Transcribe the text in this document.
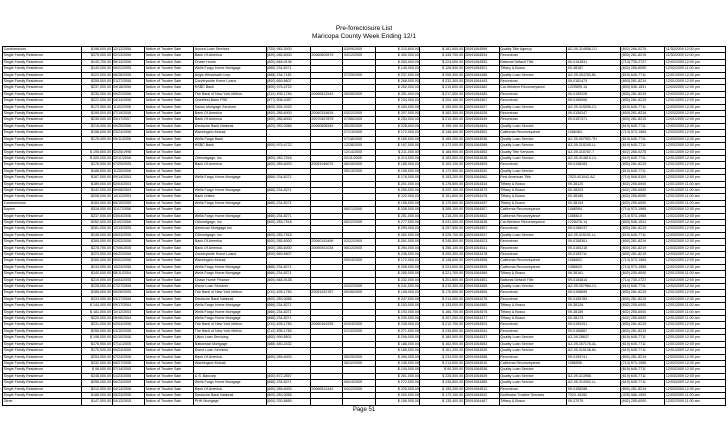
Pre-foreclosure List
Maricopa County Week Ending 12/1
Condominium	$196,000.00	12/12/2006	Notice of Trustee Sale	Aurora Loan Services	(720) 945-3000		03/09/2005	$ 210,600.00	$ 181,900.00	20091064599	Quality Title Agency	AZ-09-314958-GJ	(602) 266-0275	11/30/2009 12:00 pm
Single Family Residence	$375,000.00	02/13/2006	Notice of Trustee Sale	Bank Of America	(800) 285-6000	20060603579	04/12/2005	$ 400,000.00	$ 345,700.00	20091064534	Recontrust		(800) 281-8219	11/30/2009 12:00 pm
Single Family Residence	$240,700.00	06/14/2006	Notice of Trustee Sale	Chase Home	(800) 848-9136			$ 260,000.00	$ 224,000.00	20091064552	National Default Title	09-0154831	(714) 730-2727	12/02/2009 12:00 pm
Single Family Residence	$140,000.00	09/22/2005	Notice of Trustee Sale	Wells Fargo Home Mortgage	(866) 234-8271			$ 145,000.00	$ 128,500.00	20091064521	Tiffany & Bosco	09-38187	(602) 255-6000	12/02/2009 11:00 am
Single Family Residence	$223,000.00	06/26/2006	Notice of Trustee Sale	Aegis Wholesale Corp	(888) 234-7181		07/25/2005	$ 237,000.00	$ 206,300.00	20091064456	Quality Loan Service	AZ-09-304783-BL	(619) 645-7711	12/01/2009 12:00 pm
Single Family Residence	$255,000.00	01/27/2006	Notice of Trustee Sale	Countrywide Home Loans	(800) 669-6607			$ 268,000.00	$ 232,300.00	20091064443	Recontrust	09-0162473	(800) 281-8219	12/01/2009 12:00 pm
Single Family Residence	$237,000.00	09/18/2006	Notice of Trustee Sale	HSBC Bank	(800) 975-4722			$ 252,000.00	$ 219,600.00	20091064462	Cal-Western Reconveyance	1229899-14	(800) 546-1531	12/03/2009 12:00 pm
Single Family Residence	$235,000.00	05/22/2006	Notice of Trustee Sale	The Bank of New York Mellon	(212) 495-1784	20060612943	06/28/2005	$ 251,000.00	$ 217,000.00	20091064483	Recontrust	09-0159228	(800) 281-8219	12/03/2009 12:00 pm
Single Family Residence	$222,000.00	04/14/2006	Notice of Trustee Sale	OneWest Bank FSB	(877) 908-4357			$ 234,000.00	$ 204,100.00	20091064467	Recontrust	09-0156906	(800) 281-8219	12/01/2009 12:00 pm
Single Family Residence	$173,900.00	11/02/2006	Notice of Trustee Sale	Saxon Mortgage Services	(800) 594-2020			$ 183,000.00	$ 159,500.00	20091064527	Quality Loan Service	AZ-09-315005-CL	(619) 645-7711	12/03/2009 12:00 pm
Single Family Residence	$199,000.00	07/19/2006	Notice of Trustee Sale	Bank Of America	(800) 285-6000	20060319818	03/22/2005	$ 207,000.00	$ 182,300.00	20091064526	Recontrust	09-0159247	(800) 281-8219	12/03/2009 12:00 pm
Single Family Residence	$235,000.00	03/17/2007	Notice of Trustee Sale	Bank Of America	(800) 285-6000	20070497875	07/06/2005	$ 253,000.00	$ 219,300.00	20091064549	Recontrust	09-0157371	(800) 281-8219	12/01/2009 12:00 pm
Single Family Residence	$215,900.00	05/25/2006	Notice of Trustee Sale	Deutsche Bank National	(800) 283-0066	20060608349	05/29/2005	$ 228,000.00	$ 199,100.00	20091064504	Quality Loan Service		(619) 645-7711	12/02/2009 12:00 pm
Single Family Residence	$158,000.00	03/24/2006	Notice of Trustee Sale	Washington Mutual			07/13/2005	$ 172,000.00	$ 148,400.00	20091064502	California Reconveyance	1086384	(714) 573-1965	12/03/2009 12:00 pm
Single Family Residence	$176,000.00	05/11/2006	Notice of Trustee Sale	Wells Fargo Bank			07/18/2005	$ 189,000.00	$ 165,200.00	20091064536	Quality Loan Service	AZ-09-307901-TH	(619) 645-7711	12/03/2009 12:00 pm
Single Family Residence			Notice of Trustee Sale	HSBC Bank	(800) 975-4722		12/28/2005	$ 197,000.00	$ 172,000.00	20091064589	Quality Loan Service	AZ-09-315240-LL	(619) 645-7711	12/03/2009 12:00 pm
Single Family Residence	$ 195,600.00	02/25/1998	Notice of Trustee Sale				12/14/2005	$ 211,000.00	$ 185,900.00	20091064553	Quality Title Services	AZ-09-315787-7	(602) 266-0275	12/01/2009 12:00 pm
Single Family Residence	$ 200,200.00	02/11/2006	Notice of Trustee Sale	Citimortgage, Inc	(800) 283-7918		02/11/2005	$ 213,000.00	$ 183,900.00	20091064538	Quality Loan Service	AZ-09-314813-CL	(619) 645-7711	12/01/2009 12:00 pm
Single Family Residence	$176,000.00	07/29/2005	Notice of Trustee Sale	Bank Of America	(800) 285-6000	20051046079	08/15/2005	$ 185,000.00	$ 163,100.00	20091064509	Recontrust	09-0158283	(800) 281-8219	12/01/2009 12:00 pm
Single Family Residence	$188,600.00	11/30/2006	Notice of Trustee Sale				05/13/2005	$ 195,000.00	$ 172,900.00	20091064532	Quality Loan Service		(619) 645-7711	12/01/2009 12:00 pm
Single Family Residence	$167,000.00	09/14/2004	Notice of Trustee Sale	Wells Fargo Home Mortgage	(866) 234-8271			$ 178,000.00	$ 153,200.00	20091064562	First American Title	7023-401042-AZ	(714) 508-5100	12/02/2009 12:00 pm
Single Family Residence	$189,000.00	02/04/2004	Notice of Trustee Sale					$ 201,000.00	$ 176,500.00	20091064534	Tiffany & Bosco	09-38125	(602) 255-6000	12/01/2009 11:00 am
Single Family Residence	$242,000.00	06/08/2003	Notice of Trustee Sale	Wells Fargo Home Mortgage	(866) 234-8271			$ 250,000.00	$ 222,100.00	20091064573	Tiffany & Bosco	09-38203	(602) 255-6000	12/01/2009 11:00 am
Single Family Residence	$208,000.00	10/12/2004	Notice of Trustee Sale	Bank United				$ 220,000.00	$ 191,800.00	20091064476	Tiffany & Bosco	09-38169	(602) 255-6000	12/01/2009 11:00 am
Condominium	$184,000.00	06/19/2005	Notice of Trustee Sale	Wells Fargo Home Mortgage	(866) 234-8271			$ 196,000.00	$ 170,600.00	20091064497	Tiffany & Bosco	09-38154	(602) 255-6000	12/01/2009 11:00 am
Duplex	$316,000.00	11/17/2006	Notice of Trustee Sale				06/21/2005	$ 336,000.00	$ 289,100.00	20091064507	California Reconveyance	1086594	(714) 573-1965	12/02/2009 12:00 pm
Single Family Residence	$237,000.00	03/04/2006	Notice of Trustee Sale	Wells Fargo Home Mortgage	(866) 234-8271			$ 251,000.00	$ 218,200.00	20091064502	California Reconveyance	1086610	(714) 573-1965	12/02/2009 12:00 pm
Single Family Residence	$262,000.00	11/02/2006	Notice of Trustee Sale	Citimortgage, Inc	(800) 283-7918		06/22/2005	$ 277,000.00	$ 241,300.00	20091064536	Cal-Western Reconveyance	1228476-14	(800) 546-1531	12/03/2009 12:00 pm
Single Family Residence	$281,000.00	12/13/2005	Notice of Trustee Sale	American Mortgage Inc				$ 299,000.00	$ 257,900.00	20091064507	Recontrust	09-0158237	(800) 281-8219	12/03/2009 12:00 pm
Single Family Residence	$248,000.00	05/03/2006	Notice of Trustee Sale	Citimortgage, Inc	(800) 283-7918			$ 262,000.00	$ 228,700.00	20091064547	Quality Loan Service	AZ-09-315191-LL	(619) 645-7711	12/03/2009 12:00 pm
Single Family Residence	$269,000.00	02/02/2006	Notice of Trustee Sale	Bank Of America	(800) 285-6000	20060153496	02/22/2005	$ 281,000.00	$ 248,500.00	20091064523	Recontrust	09-0158361	(800) 281-8219	12/03/2009 12:00 pm
Single Family Residence	$278,700.00	07/06/2006	Notice of Trustee Sale	Bank Of America	(800) 285-6000	20060921034	08/22/2005	$ 294,000.00	$ 256,100.00	20091064541	Recontrust	09-0160216	(800) 281-8219	12/03/2009 12:00 pm
Single Family Residence	$223,000.00	06/22/2006	Notice of Trustee Sale	Countrywide Home Loans	(800) 669-6607			$ 236,000.00	$ 205,300.00	20091064478	Recontrust	09-0159711	(800) 281-8219	12/03/2009 12:00 pm
Single Family Residence	$160,000.00	05/02/2006	Notice of Trustee Sale	Washington Mutual			09/24/2005	$ 172,000.00	$ 148,600.00	20091064508	California Reconveyance	1086602	(714) 573-1965	12/02/2009 12:00 pm
Single Family Residence	$244,000.00	10/24/2006	Notice of Trustee Sale	Wells Fargo Home Mortgage	(866) 234-8271			$ 258,000.00	$ 224,600.00	20091064505	California Reconveyance	1086620	(714) 573-1965	12/02/2009 12:00 pm
Single Family Residence	$240,000.00	08/11/2004	Notice of Trustee Sale	Wells Fargo Home Mortgage	(866) 234-8271			$ 255,000.00	$ 221,700.00	20091064589	Tiffany & Bosco	09-38161	(602) 255-6000	12/01/2009 11:00 am
Single Family Residence	$219,000.00	04/03/2005	Notice of Trustee Sale	Chase Home Finance	(800) 848-9136			$ 232,000.00	$ 201,600.00	20091064551	National Default Title	09-0154814	(714) 730-2727	12/02/2009 12:00 pm
Single Family Residence	$228,000.00	07/27/2006	Notice of Trustee Sale	Home Loan Services			03/22/2005	$ 241,000.00	$ 210,300.00	20091064555	Quality Loan Service	AZ-09-307984-CL	(619) 645-7711	12/02/2009 12:00 pm
Single Family Residence	$185,000.00	09/26/2005	Notice of Trustee Sale	The Bank of New York Mellon	(212) 495-1784	20051432787	09/26/2005	$ 198,000.00	$ 170,600.00	20091064506	Recontrust	09-0158695	(800) 281-8219	12/01/2009 12:00 pm
Single Family Residence	$233,000.00	03/17/2006	Notice of Trustee Sale	Deutsche Bank National	(800) 283-0066			$ 247,000.00	$ 214,500.00	20091064475	Recontrust	09-0155783	(800) 281-8219	12/02/2009 12:00 pm
Single Family Residence	$ 144,400.00	09/17/2004	Notice of Trustee Sale	Wells Fargo Home Mortgage	(866) 234-8271			$ 153,000.00	$ 133,000.00	20091064582	Tiffany & Bosco	09-38126	(602) 255-6000	12/01/2009 11:00 am
Single Family Residence	$ 181,000.00	10/12/2004	Notice of Trustee Sale	Wells Fargo Home Mortgage	(866) 234-8271			$ 193,000.00	$ 166,700.00	20091064575	Tiffany & Bosco	09-38159	(602) 255-6000	12/01/2009 11:00 am
Single Family Residence	$225,000.00	08/08/2004	Notice of Trustee Sale	Wells Fargo Home Mortgage	(866) 234-8271			$ 239,000.00	$ 207,200.00	20091064477	Tiffany & Bosco	09-38174	(602) 255-6000	12/01/2009 11:00 am
Single Family Residence	$231,000.00	02/04/2006	Notice of Trustee Sale	The Bank of New York Mellon	(212) 495-1784	20060161939	02/04/2005	$ 245,000.00	$ 212,700.00	20091064503	Recontrust	09-0159251	(800) 281-8219	12/01/2009 12:00 pm
Single Family Residence	$256,000.00	01/10/2006	Notice of Trustee Sale	The Bank of New York Mellon	(212) 495-1784		01/10/2005	$ 271,000.00	$ 235,800.00	20091064544	Recontrust	09-0156887	(800) 281-8219	12/01/2009 12:00 pm
Single Family Residence	$ 196,000.00	02/10/2006	Notice of Trustee Sale	Litton Loan Servicing	(800) 999-8501			$ 208,000.00	$ 180,500.00	20091064537	Quality Loan Service	AZ-09-28637	(619) 645-7711	12/01/2009 12:00 pm
Single Family Residence	$176,900.00	07/11/2005	Notice of Trustee Sale	Nationstar Mortgage	(888) 480-2432			$ 188,000.00	$ 162,900.00	20091064563	Quality Loan Service	AZ-09-307176-AL	(619) 645-7711	12/01/2009 12:00 pm
Single Family Residence	$175,000.00	05/24/2006	Notice of Trustee Sale	Home Loan Services				$ 185,000.00	$ 161,200.00	20091064539	Quality Loan Service	AZ-09-315138-BL	(619) 645-7711	12/01/2009 12:00 pm
Single Family Residence	$253,000.00	07/24/2006	Notice of Trustee Sale	Bank Of America	(800) 285-6000		06/29/2005	$ 269,000.00	$ 233,000.00	20091064558	Recontrust	09-0159741	(800) 281-8219	12/03/2009 12:00 pm
Single Family Residence	$232,000.00	06/07/2006	Notice of Trustee Sale	Washington Mutual			06/22/2005	$ 246,000.00	$ 213,600.00	20091064510	California Reconveyance	1086596	(714) 573-1965	12/02/2009 12:00 pm
Single Family Residence	$ 98,000.00	07/14/2005	Notice of Trustee Sale					$ 104,000.00	$ 90,300.00	20091064538	Quality Loan Service		(619) 645-7711	12/03/2009 12:00 pm
Single Family Residence	$246,000.00	01/23/2006	Notice of Trustee Sale	U.S. Bancorp	(800) 872-2657			$ 261,000.00	$ 226,500.00	20091064549	Quality Loan Service	AZ-09-313968	(619) 645-7711	12/03/2009 12:00 pm
Single Family Residence	$256,000.00	06/24/2005	Notice of Trustee Sale	Wells Fargo Home Mortgage	(866) 234-8271		06/24/2005	$ 272,000.00	$ 235,800.00	20091064565	Quality Loan Service	AZ-09-314952-LL	(619) 645-7711	12/03/2009 12:00 pm
Single Family Residence	$212,000.00	04/14/2006	Notice of Trustee Sale	Bank Of America	(800) 285-6000	20060512442	04/22/2005	$ 225,000.00	$ 195,200.00	20091064512	Recontrust	09-0158288	(800) 281-8219	12/03/2009 12:00 pm
Single Family Residence	$188,000.00	05/23/2006	Notice of Trustee Sale	Deutsche Bank National	(800) 283-0066			$ 200,000.00	$ 173,100.00	20091064542	Northwest Trustee Services	7023-16282	(425) 586-1900	12/03/2009 11:00 am
Other	$147,000.00	04/13/2005	Notice of Trustee Sale	PHH Mortgage	(800) 330-8689			$ 156,000.00	$ 135,400.00	20091064487	Tiffany & Bosco	09-37079	(602) 255-6000	12/02/2009 11:00 am
Page 51
